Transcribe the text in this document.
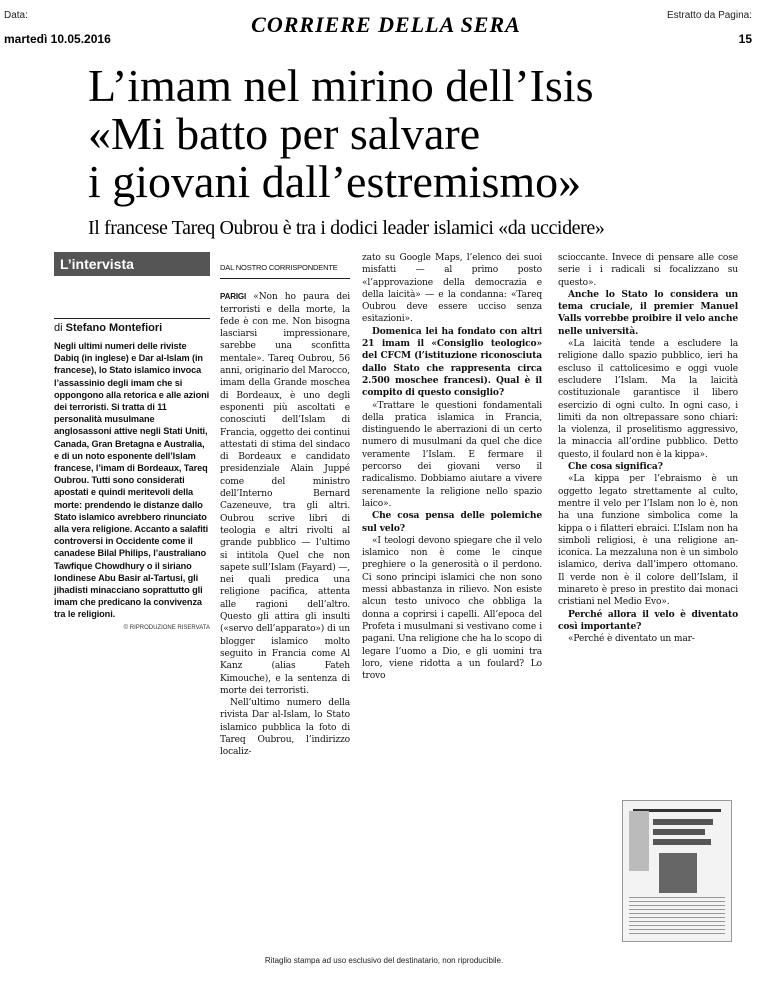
Data:
martedì 10.05.2016
Estratto da Pagina:
15
CORRIERE DELLA SERA
L’imam nel mirino dell’Isis
«Mi batto per salvare
i giovani dall’estremismo»
Il francese Tareq Oubrou è tra i dodici leader islamici «da uccidere»
L’intervista
di Stefano Montefiori
Negli ultimi numeri delle riviste Dabiq (in inglese) e Dar al-Islam (in francese), lo Stato islamico invoca l’assassinio degli imam che si oppongono alla retorica e alle azioni dei terroristi. Si tratta di 11 personalità musulmane anglosassoni attive negli Stati Uniti, Canada, Gran Bretagna e Australia, e di un noto esponente dell’Islam francese, l’imam di Bordeaux, Tareq Oubrou. Tutti sono considerati apostati e quindi meritevoli della morte: prendendo le distanze dallo Stato islamico avrebbero rinunciato alla vera religione. Accanto a salafiti controversi in Occidente come il canadese Bilal Philips, l’australiano Tawfique Chowdhury o il siriano londinese Abu Basir al-Tartusi, gli jihadisti minacciano soprattutto gli imam che predicano la convivenza tra le religioni.
© RIPRODUZIONE RISERVATA
DAL NOSTRO CORRISPONDENTE

PARIGI «Non ho paura dei terroristi e della morte, la fede è con me. Non bisogna lasciarsi impressionare, sarebbe una sconfitta mentale». Tareq Oubrou, 56 anni, originario del Marocco, imam della Grande moschea di Bordeaux, è uno degli esponenti più ascoltati e conosciuti dell’Islam di Francia, oggetto dei continui attestati di stima del sindaco di Bordeaux e candidato presidenziale Alain Juppé come del ministro dell’Interno Bernard Cazeneuve, tra gli altri. Oubrou scrive libri di teologia e altri rivolti al grande pubblico — l’ultimo si intitola Quel che non sapete sull’Islam (Fayard) —, nei quali predica una religione pacifica, attenta alle ragioni dell’altro. Questo gli attira gli insulti («servo dell’apparato») di un blogger islamico molto seguito in Francia come Al Kanz (alias Fateh Kimouche), e la sentenza di morte dei terroristi.

Nell’ultimo numero della rivista Dar al-Islam, lo Stato islamico pubblica la foto di Tareq Oubrou, l’indirizzo localiz-

zato su Google Maps, l’elenco dei suoi misfatti — al primo posto «l’approvazione della democrazia e della laicità» — e la condanna: «Tareq Oubrou deve essere ucciso senza esitazioni».

Domenica lei ha fondato con altri 21 imam il «Consiglio teologico» del CFCM (l’istituzione riconosciuta dallo Stato che rappresenta circa 2.500 moschee francesi). Qual è il compito di questo consiglio?

«Trattare le questioni fondamentali della pratica islamica in Francia, distinguendo le aberrazioni di un certo numero di musulmani da quel che dice veramente l’Islam. E fermare il percorso dei giovani verso il radicalismo. Dobbiamo aiutare a vivere serenamente la religione nello spazio laico».

Che cosa pensa delle polemiche sul velo?

«I teologi devono spiegare che il velo islamico non è come le cinque preghiere o la generosità o il perdono. Ci sono principi islamici che non sono messi abbastanza in rilievo. Non esiste alcun testo univoco che obbliga la donna a coprirsi i capelli. All’epoca del Profeta i musulmani si vestivano come i pagani. Una religione che ha lo scopo di legare l’uomo a Dio, e gli uomini tra loro, viene ridotta a un foulard? Lo trovo

scioccante. Invece di pensare alle cose serie i i radicali si focalizzano su questo».

Anche lo Stato lo considera un tema cruciale, il premier Manuel Valls vorrebbe proibire il velo anche nelle università.

«La laicità tende a escludere la religione dallo spazio pubblico, ieri ha escluso il cattolicesimo e oggi vuole escludere l’Islam. Ma la laicità costituzionale garantisce il libero esercizio di ogni culto. In ogni caso, i limiti da non oltrepassare sono chiari: la violenza, il proselitismo aggressivo, la minaccia all’ordine pubblico. Detto questo, il foulard non è la kippa».

Che cosa significa?

«La kippa per l’ebraismo è un oggetto legato strettamente al culto, mentre il velo per l’Islam non lo è, non ha una funzione simbolica come la kippa o i filatteri ebraici. L’Islam non ha simboli religiosi, è una religione an-iconica. La mezzaluna non è un simbolo islamico, deriva dall’impero ottomano. Il verde non è il colore dell’Islam, il minareto è preso in prestito dai monaci cristiani nel Medio Evo».

Perché allora il velo è diventato così importante?

«Perché è diventato un mar-

Ritaglio stampa ad uso esclusivo del destinatario, non riproducibile.
